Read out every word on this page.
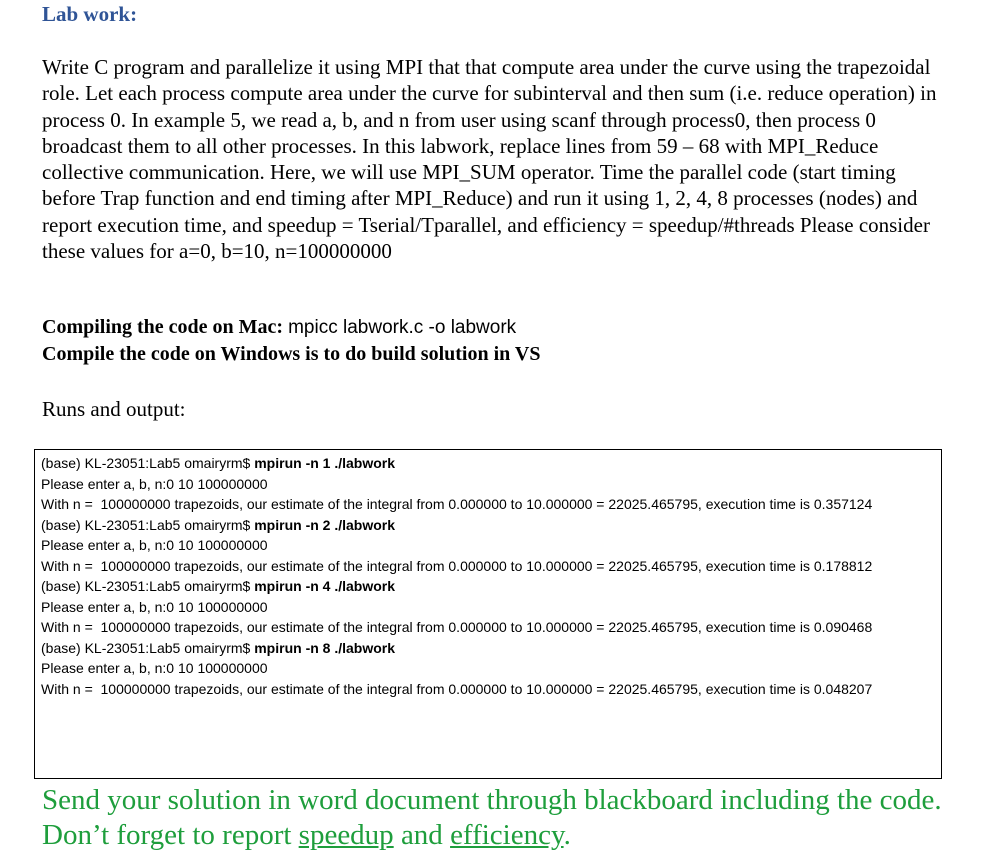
Lab work:
Write C program and parallelize it using MPI that that compute area under the curve using the trapezoidal role. Let each process compute area under the curve for subinterval and then sum (i.e. reduce operation) in process 0. In example 5, we read a, b, and n from user using scanf through process0, then process 0 broadcast them to all other processes. In this labwork, replace lines from 59 – 68 with MPI_Reduce collective communication. Here, we will use MPI_SUM operator. Time the parallel code (start timing before Trap function and end timing after MPI_Reduce) and run it using 1, 2, 4, 8 processes (nodes) and report execution time, and speedup = Tserial/Tparallel, and efficiency = speedup/#threads Please consider these values for a=0, b=10, n=100000000
Compiling the code on Mac: mpicc labwork.c -o labwork
Compile the code on Windows is to do build solution in VS
Runs and output:
(base) KL-23051:Lab5 omairyrm$ mpirun -n 1 ./labwork
Please enter a, b, n:0 10 100000000
With n =  100000000 trapezoids, our estimate of the integral from 0.000000 to 10.000000 = 22025.465795, execution time is 0.357124
(base) KL-23051:Lab5 omairyrm$ mpirun -n 2 ./labwork
Please enter a, b, n:0 10 100000000
With n =  100000000 trapezoids, our estimate of the integral from 0.000000 to 10.000000 = 22025.465795, execution time is 0.178812
(base) KL-23051:Lab5 omairyrm$ mpirun -n 4 ./labwork
Please enter a, b, n:0 10 100000000
With n =  100000000 trapezoids, our estimate of the integral from 0.000000 to 10.000000 = 22025.465795, execution time is 0.090468
(base) KL-23051:Lab5 omairyrm$ mpirun -n 8 ./labwork
Please enter a, b, n:0 10 100000000
With n =  100000000 trapezoids, our estimate of the integral from 0.000000 to 10.000000 = 22025.465795, execution time is 0.048207
Send your solution in word document through blackboard including the code. Don’t forget to report speedup and efficiency.
